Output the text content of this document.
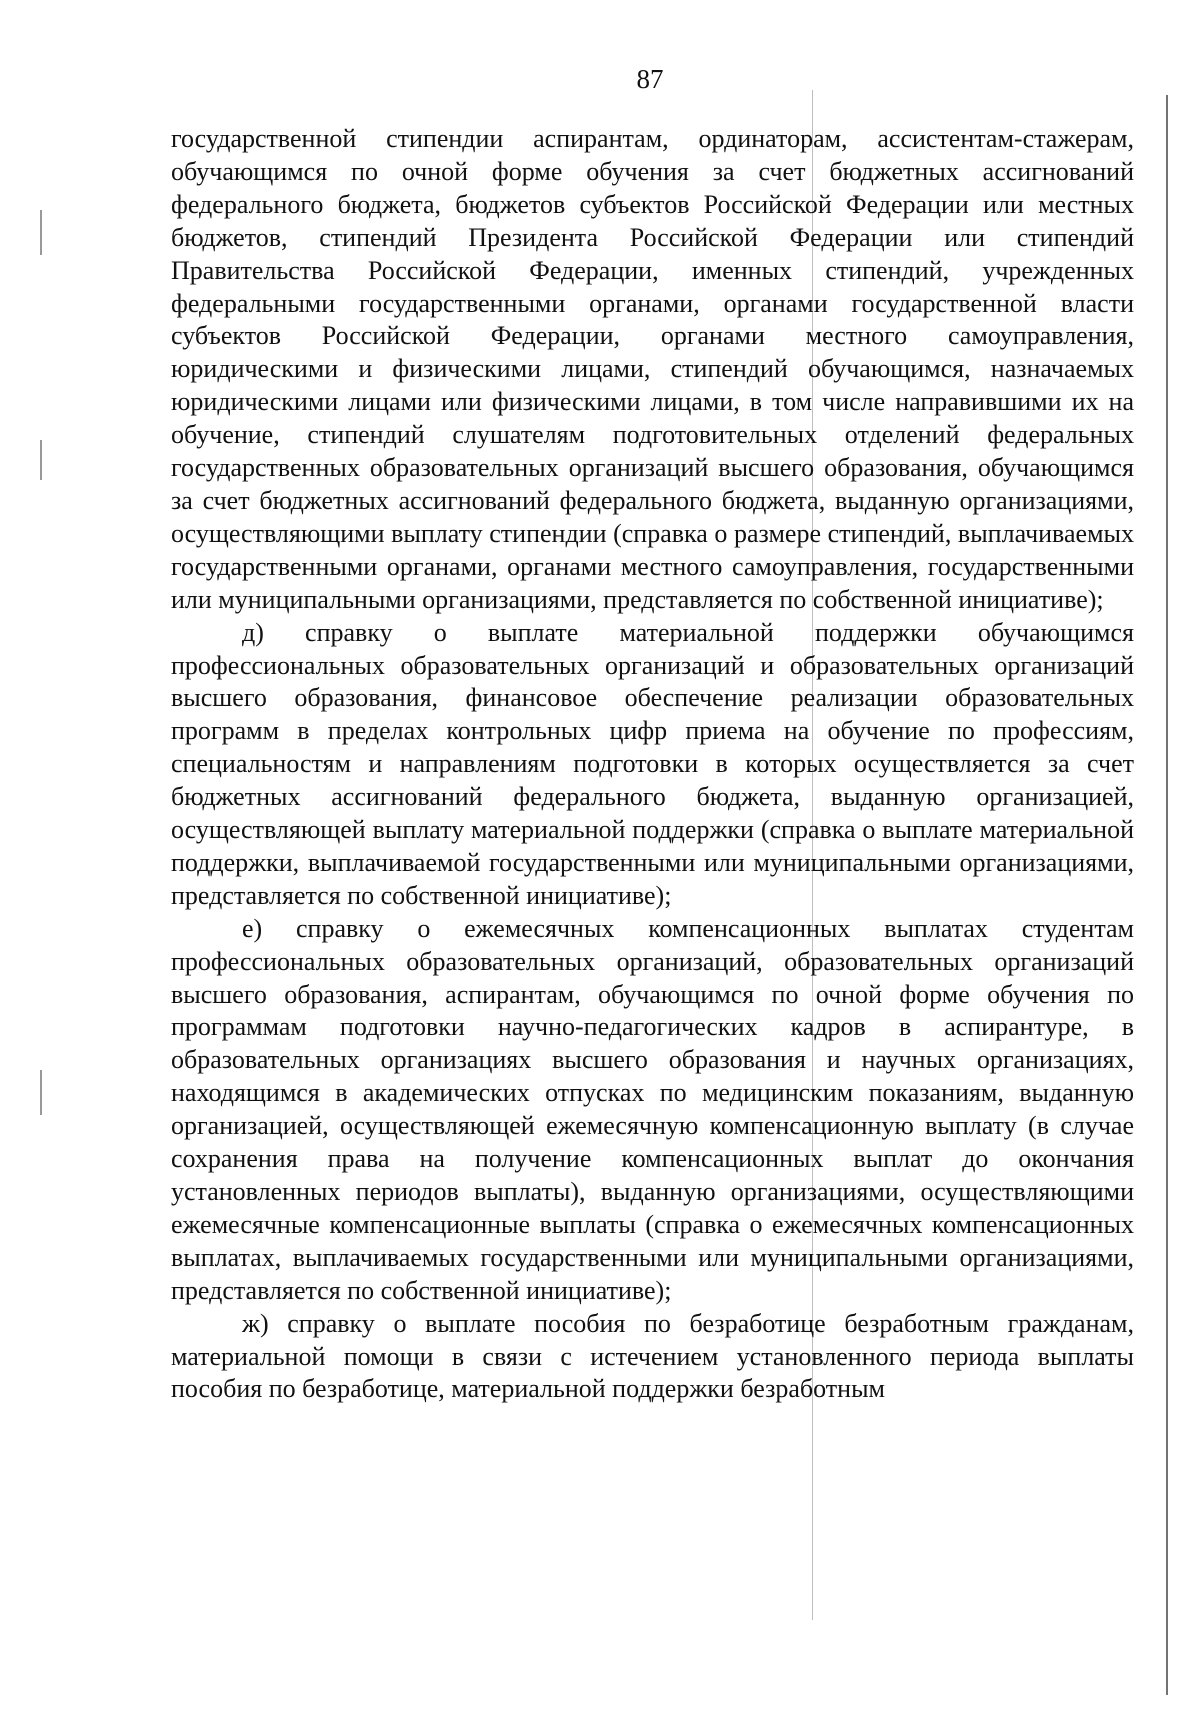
87

государственной стипендии аспирантам, ординаторам, ассистентам-стажерам, обучающимся по очной форме обучения за счет бюджетных ассигнований федерального бюджета, бюджетов субъектов Российской Федерации или местных бюджетов, стипендий Президента Российской Федерации или стипендий Правительства Российской Федерации, именных стипендий, учрежденных федеральными государственными органами, органами государственной власти субъектов Российской Федерации, органами местного самоуправления, юридическими и физическими лицами, стипендий обучающимся, назначаемых юридическими лицами или физическими лицами, в том числе направившими их на обучение, стипендий слушателям подготовительных отделений федеральных государственных образовательных организаций высшего образования, обучающимся за счет бюджетных ассигнований федерального бюджета, выданную организациями, осуществляющими выплату стипендии (справка о размере стипендий, выплачиваемых государственными органами, органами местного самоуправления, государственными или муниципальными организациями, представляется по собственной инициативе);

д) справку о выплате материальной поддержки обучающимся профессиональных образовательных организаций и образовательных организаций высшего образования, финансовое обеспечение реализации образовательных программ в пределах контрольных цифр приема на обучение по профессиям, специальностям и направлениям подготовки в которых осуществляется за счет бюджетных ассигнований федерального бюджета, выданную организацией, осуществляющей выплату материальной поддержки (справка о выплате материальной поддержки, выплачиваемой государственными или муниципальными организациями, представляется по собственной инициативе);

е) справку о ежемесячных компенсационных выплатах студентам профессиональных образовательных организаций, образовательных организаций высшего образования, аспирантам, обучающимся по очной форме обучения по программам подготовки научно-педагогических кадров в аспирантуре, в образовательных организациях высшего образования и научных организациях, находящимся в академических отпусках по медицинским показаниям, выданную организацией, осуществляющей ежемесячную компенсационную выплату (в случае сохранения права на получение компенсационных выплат до окончания установленных периодов выплаты), выданную организациями, осуществляющими ежемесячные компенсационные выплаты (справка о ежемесячных компенсационных выплатах, выплачиваемых государственными или муниципальными организациями, представляется по собственной инициативе);

ж) справку о выплате пособия по безработице безработным гражданам, материальной помощи в связи с истечением установленного периода выплаты пособия по безработице, материальной поддержки безработным
